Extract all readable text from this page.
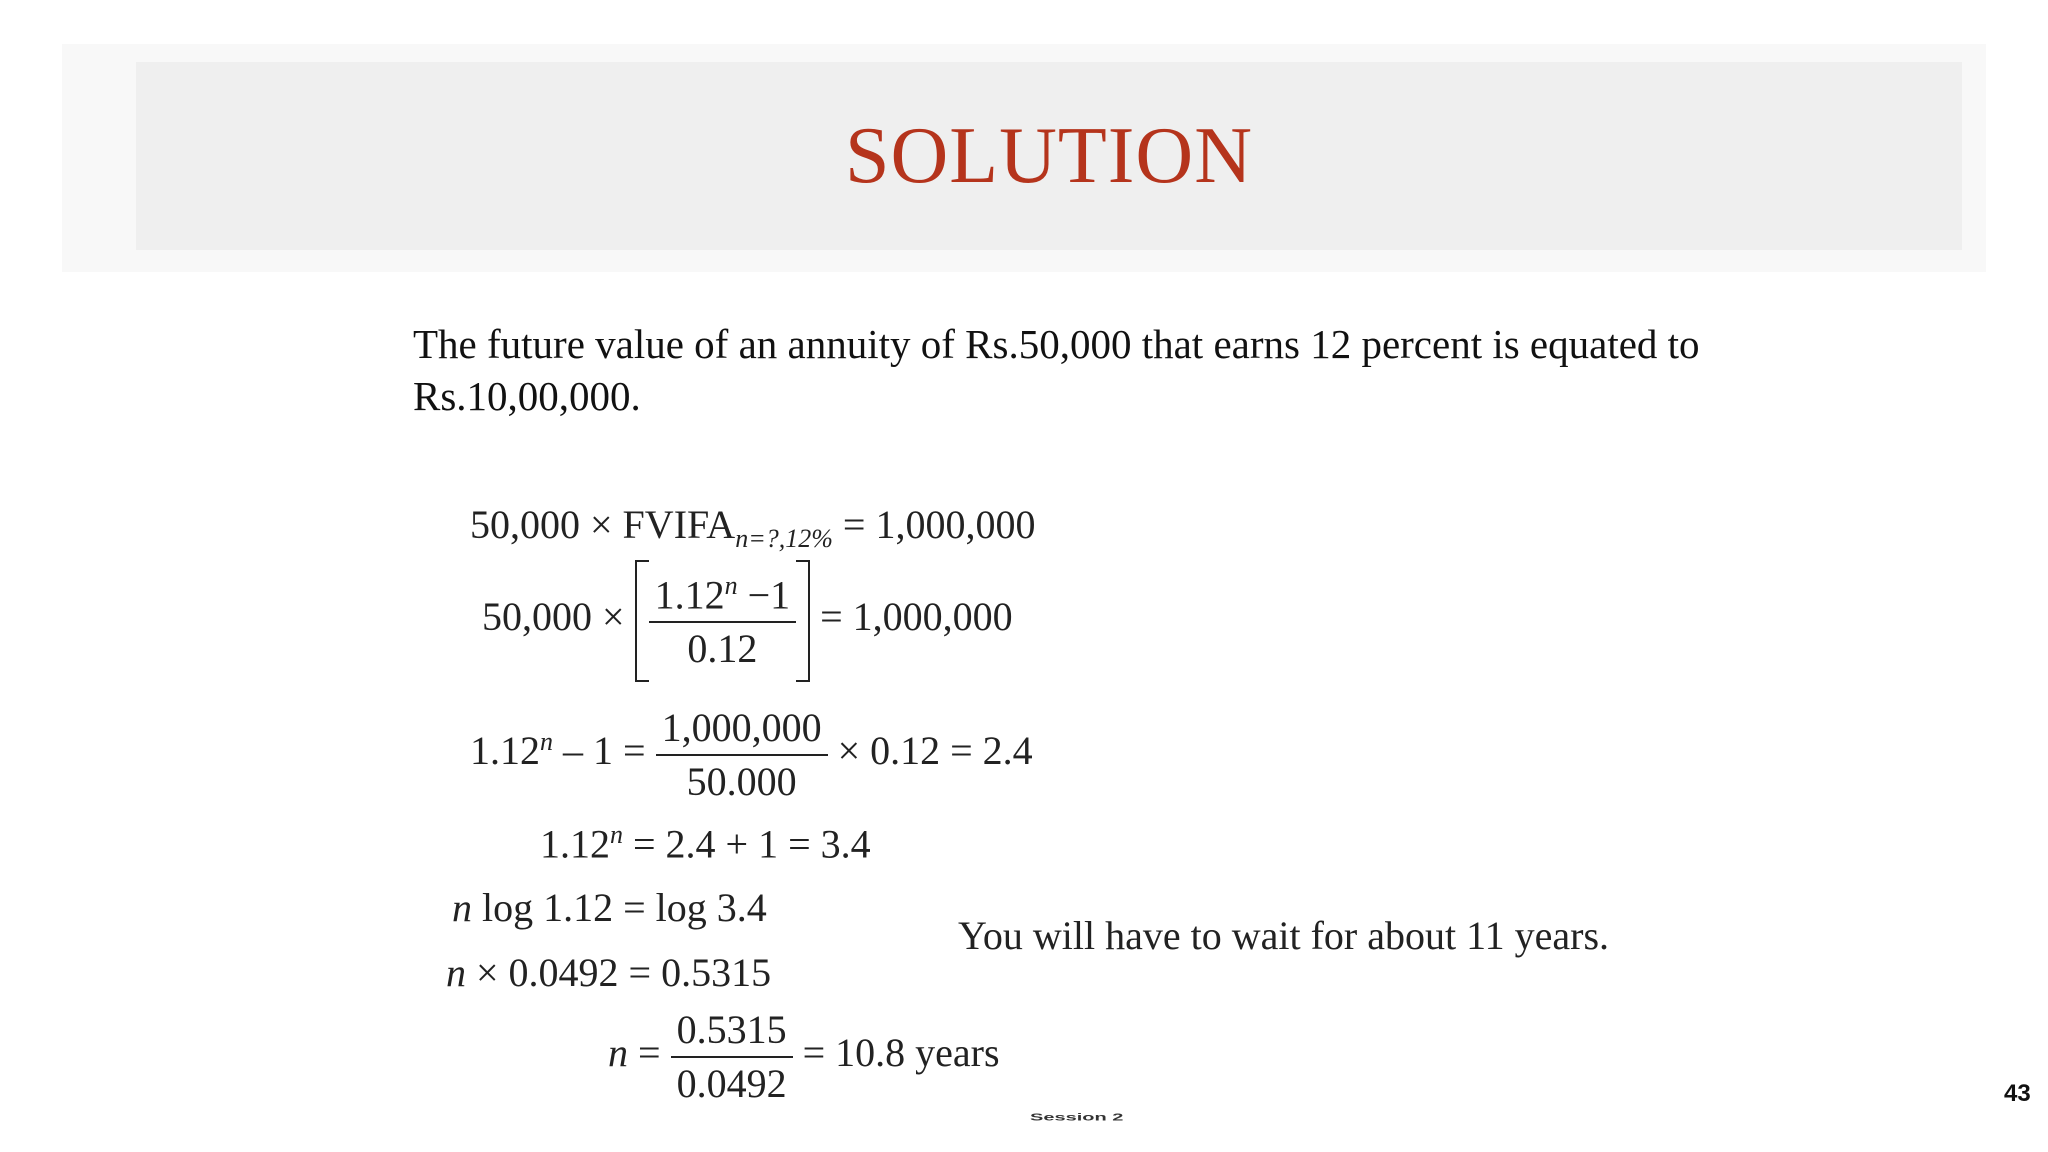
SOLUTION
The future value of an annuity of Rs.50,000 that earns 12 percent is equated to Rs.10,00,000.
$50,000 \times FVIFA_{n=?,12\%} = 1,000,000$
$50,000 \times \frac{1.12^n -1}{0.12} = 1,000,000$
$1.12^n - 1 = \frac{1,000,000}{50.000} \times 0.12 = 2.4$
$1.12^n = 2.4 + 1 = 3.4$
n log 1.12 = log 3.4
n × 0.0492 = 0.5315
$n = \frac{0.5315}{0.0492} = 10.8$ years
You will have to wait for about 11 years.
Session 2
43
